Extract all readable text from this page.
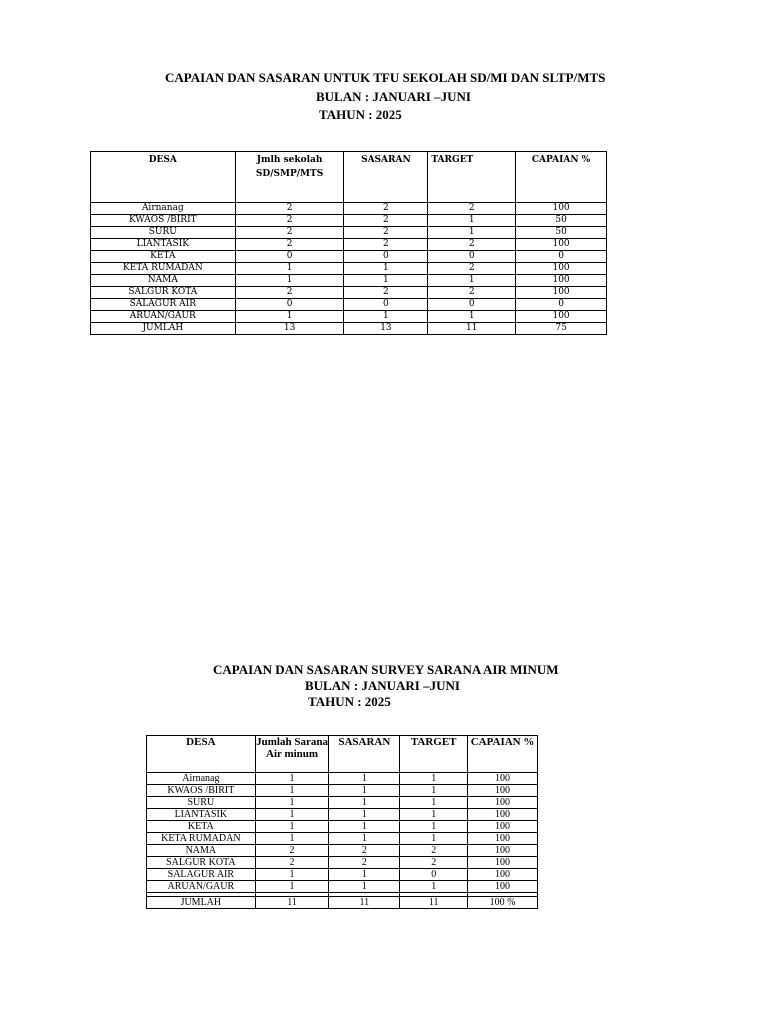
CAPAIAN DAN SASARAN UNTUK TFU SEKOLAH SD/MI DAN SLTP/MTS
BULAN : JANUARI –JUNI
TAHUN : 2025
DESA	Jmlh sekolah SD/SMP/MTS	SASARAN	TARGET	CAPAIAN %
Airnanag	2	2	2	100
KWAOS /BIRIT	2	2	1	50
SURU	2	2	1	50
LIANTASIK	2	2	2	100
KETA	0	0	0	0
KETA RUMADAN	1	1	2	100
NAMA	1	1	1	100
SALGUR KOTA	2	2	2	100
SALAGUR AIR	0	0	0	0
ARUAN/GAUR	1	1	1	100
JUMLAH	13	13	11	75
CAPAIAN DAN SASARAN SURVEY SARANA AIR MINUM
BULAN : JANUARI –JUNI
TAHUN : 2025
DESA	Jumlah Sarana Air minum	SASARAN	TARGET	CAPAIAN %
Airnanag	1	1	1	100
KWAOS /BIRIT	1	1	1	100
SURU	1	1	1	100
LIANTASIK	1	1	1	100
KETA	1	1	1	100
KETA RUMADAN	1	1	1	100
NAMA	2	2	2	100
SALGUR KOTA	2	2	2	100
SALAGUR AIR	1	1	0	100
ARUAN/GAUR	1	1	1	100

JUMLAH	11	11	11	100 %
